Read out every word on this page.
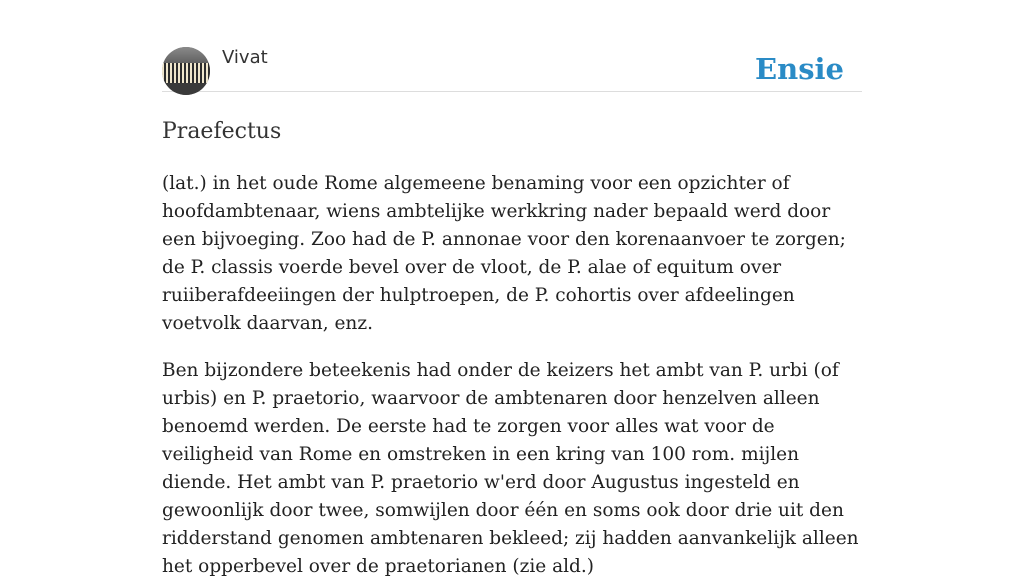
Vivat	Ensie
Praefectus

(lat.) in het oude Rome algemeene benaming voor een opzichter of hoofdambtenaar, wiens ambtelijke werkkring nader bepaald werd door een bijvoeging. Zoo had de P. annonae voor den korenaanvoer te zorgen; de P. classis voerde bevel over de vloot, de P. alae of equitum over ruiiberafdeeiingen der hulptroepen, de P. cohortis over afdeelingen voetvolk daarvan, enz.

Ben bijzondere beteekenis had onder de keizers het ambt van P. urbi (of urbis) en P. praetorio, waarvoor de ambtenaren door henzelven alleen benoemd werden. De eerste had te zorgen voor alles wat voor de veiligheid van Rome en omstreken in een kring van 100 rom. mijlen diende. Het ambt van P. praetorio w'erd door Augustus ingesteld en gewoonlijk door twee, somwijlen door één en soms ook door drie uit den ridderstand genomen ambtenaren bekleed; zij hadden aanvankelijk alleen het opperbevel over de praetorianen (zie ald.)
